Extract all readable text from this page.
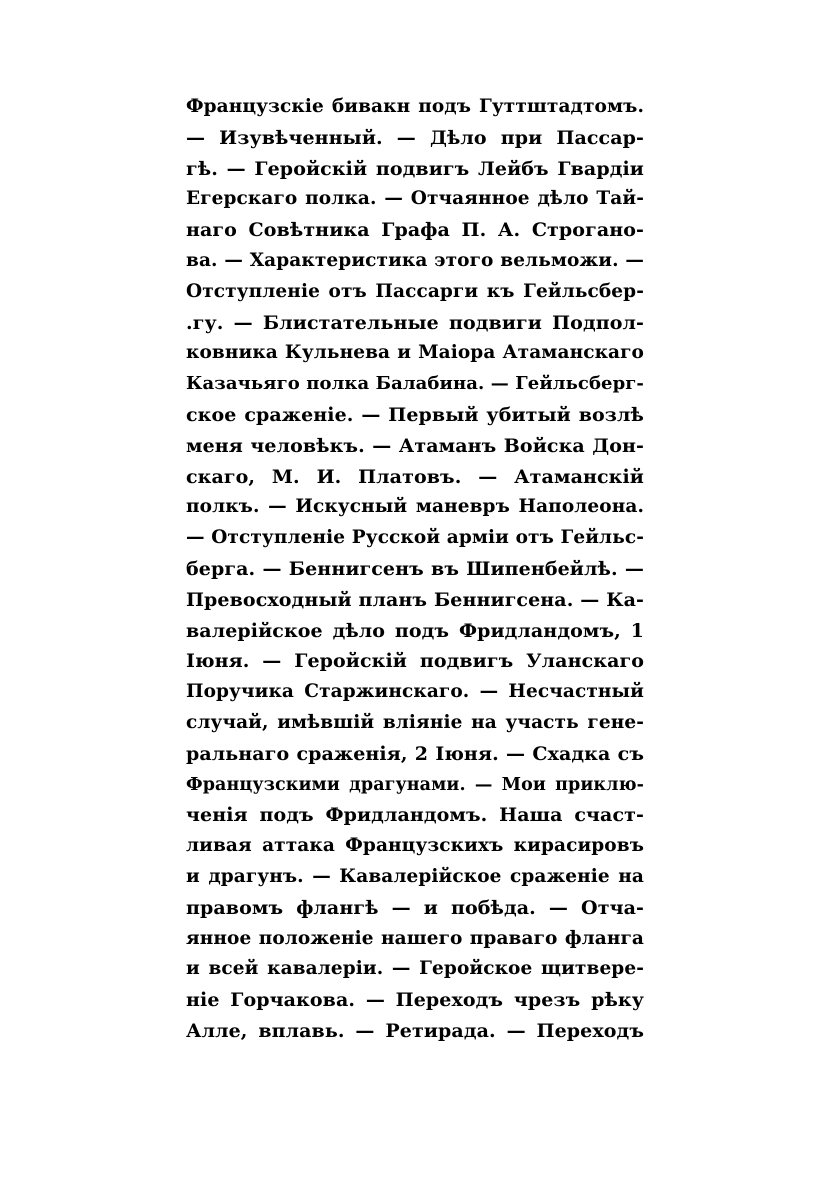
Французскіе бивакн подъ Гуттштадтомъ.
— Изувѣченный. — Дѣло при Пассар-
гѣ. — Геройскій подвигъ Лейбъ Гвардіи
Егерскаго полка. — Отчаянное дѣло Тай-
наго Совѣтника Графа П. А. Строгано-
ва. — Характеристика этого вельможи. —
Отступленіе отъ Пассарги къ Гейльсбер-
.гу. — Блистательные подвиги Подпол-
ковника Кульнева и Маіора Атаманскаго
Казачьяго полка Балабина. — Гейльсберг-
ское сраженіе. — Первый убитый возлѣ
меня человѣкъ. — Атаманъ Войска Дон-
скаго, М. И. Платовъ. — Атаманскій
полкъ. — Искусный маневръ Наполеона.
— Отступленіе Русской арміи отъ Гейльс-
берга. — Беннигсенъ въ Шипенбейлѣ. —
Превосходный планъ Беннигсена. — Ка-
валерійское дѣло подъ Фридландомъ, 1
Іюня. — Геройскій подвигъ Уланскаго
Поручика Старжинскаго. — Несчастный
случай, имѣвшій вліяніе на участь гене-
ральнаго сраженія, 2 Іюня. — Схадка съ
Французскими драгунами. — Мои приклю-
ченія подъ Фридландомъ. Наша счаст-
ливая аттака Французскихъ кирасировъ
и драгунъ. — Кавалерійское сраженіе на
правомъ флангѣ — и побѣда. — Отча-
янное положеніе нашего праваго фланга
и всей кавалеріи. — Геройское щитвере-
ніе Горчакова. — Переходъ чрезъ рѣку
Алле, вплавь. — Ретирада. — Переходъ
